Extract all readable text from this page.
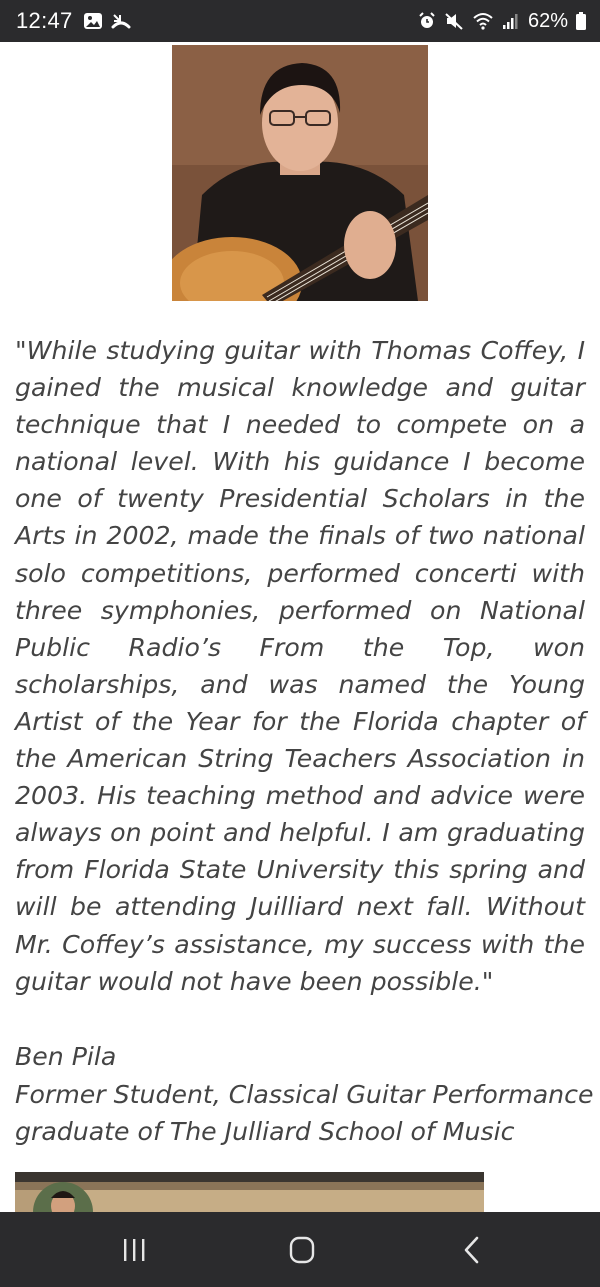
12:47	62%

"While studying guitar with Thomas Coffey, I gained the musical knowledge and guitar technique that I needed to compete on a national level. With his guidance I become one of twenty Presidential Scholars in the Arts in 2002, made the finals of two national solo competitions, performed concerti with three symphonies, performed on National Public Radio’s From the Top, won scholarships, and was named the Young Artist of the Year for the Florida chapter of the American String Teachers Association in 2003. His teaching method and advice were always on point and helpful. I am graduating from Florida State University this spring and will be attending Juilliard next fall. Without Mr. Coffey’s assistance, my success with the guitar would not have been possible."

Ben Pila
Former Student, Classical Guitar Performance
graduate of The Julliard School of Music
